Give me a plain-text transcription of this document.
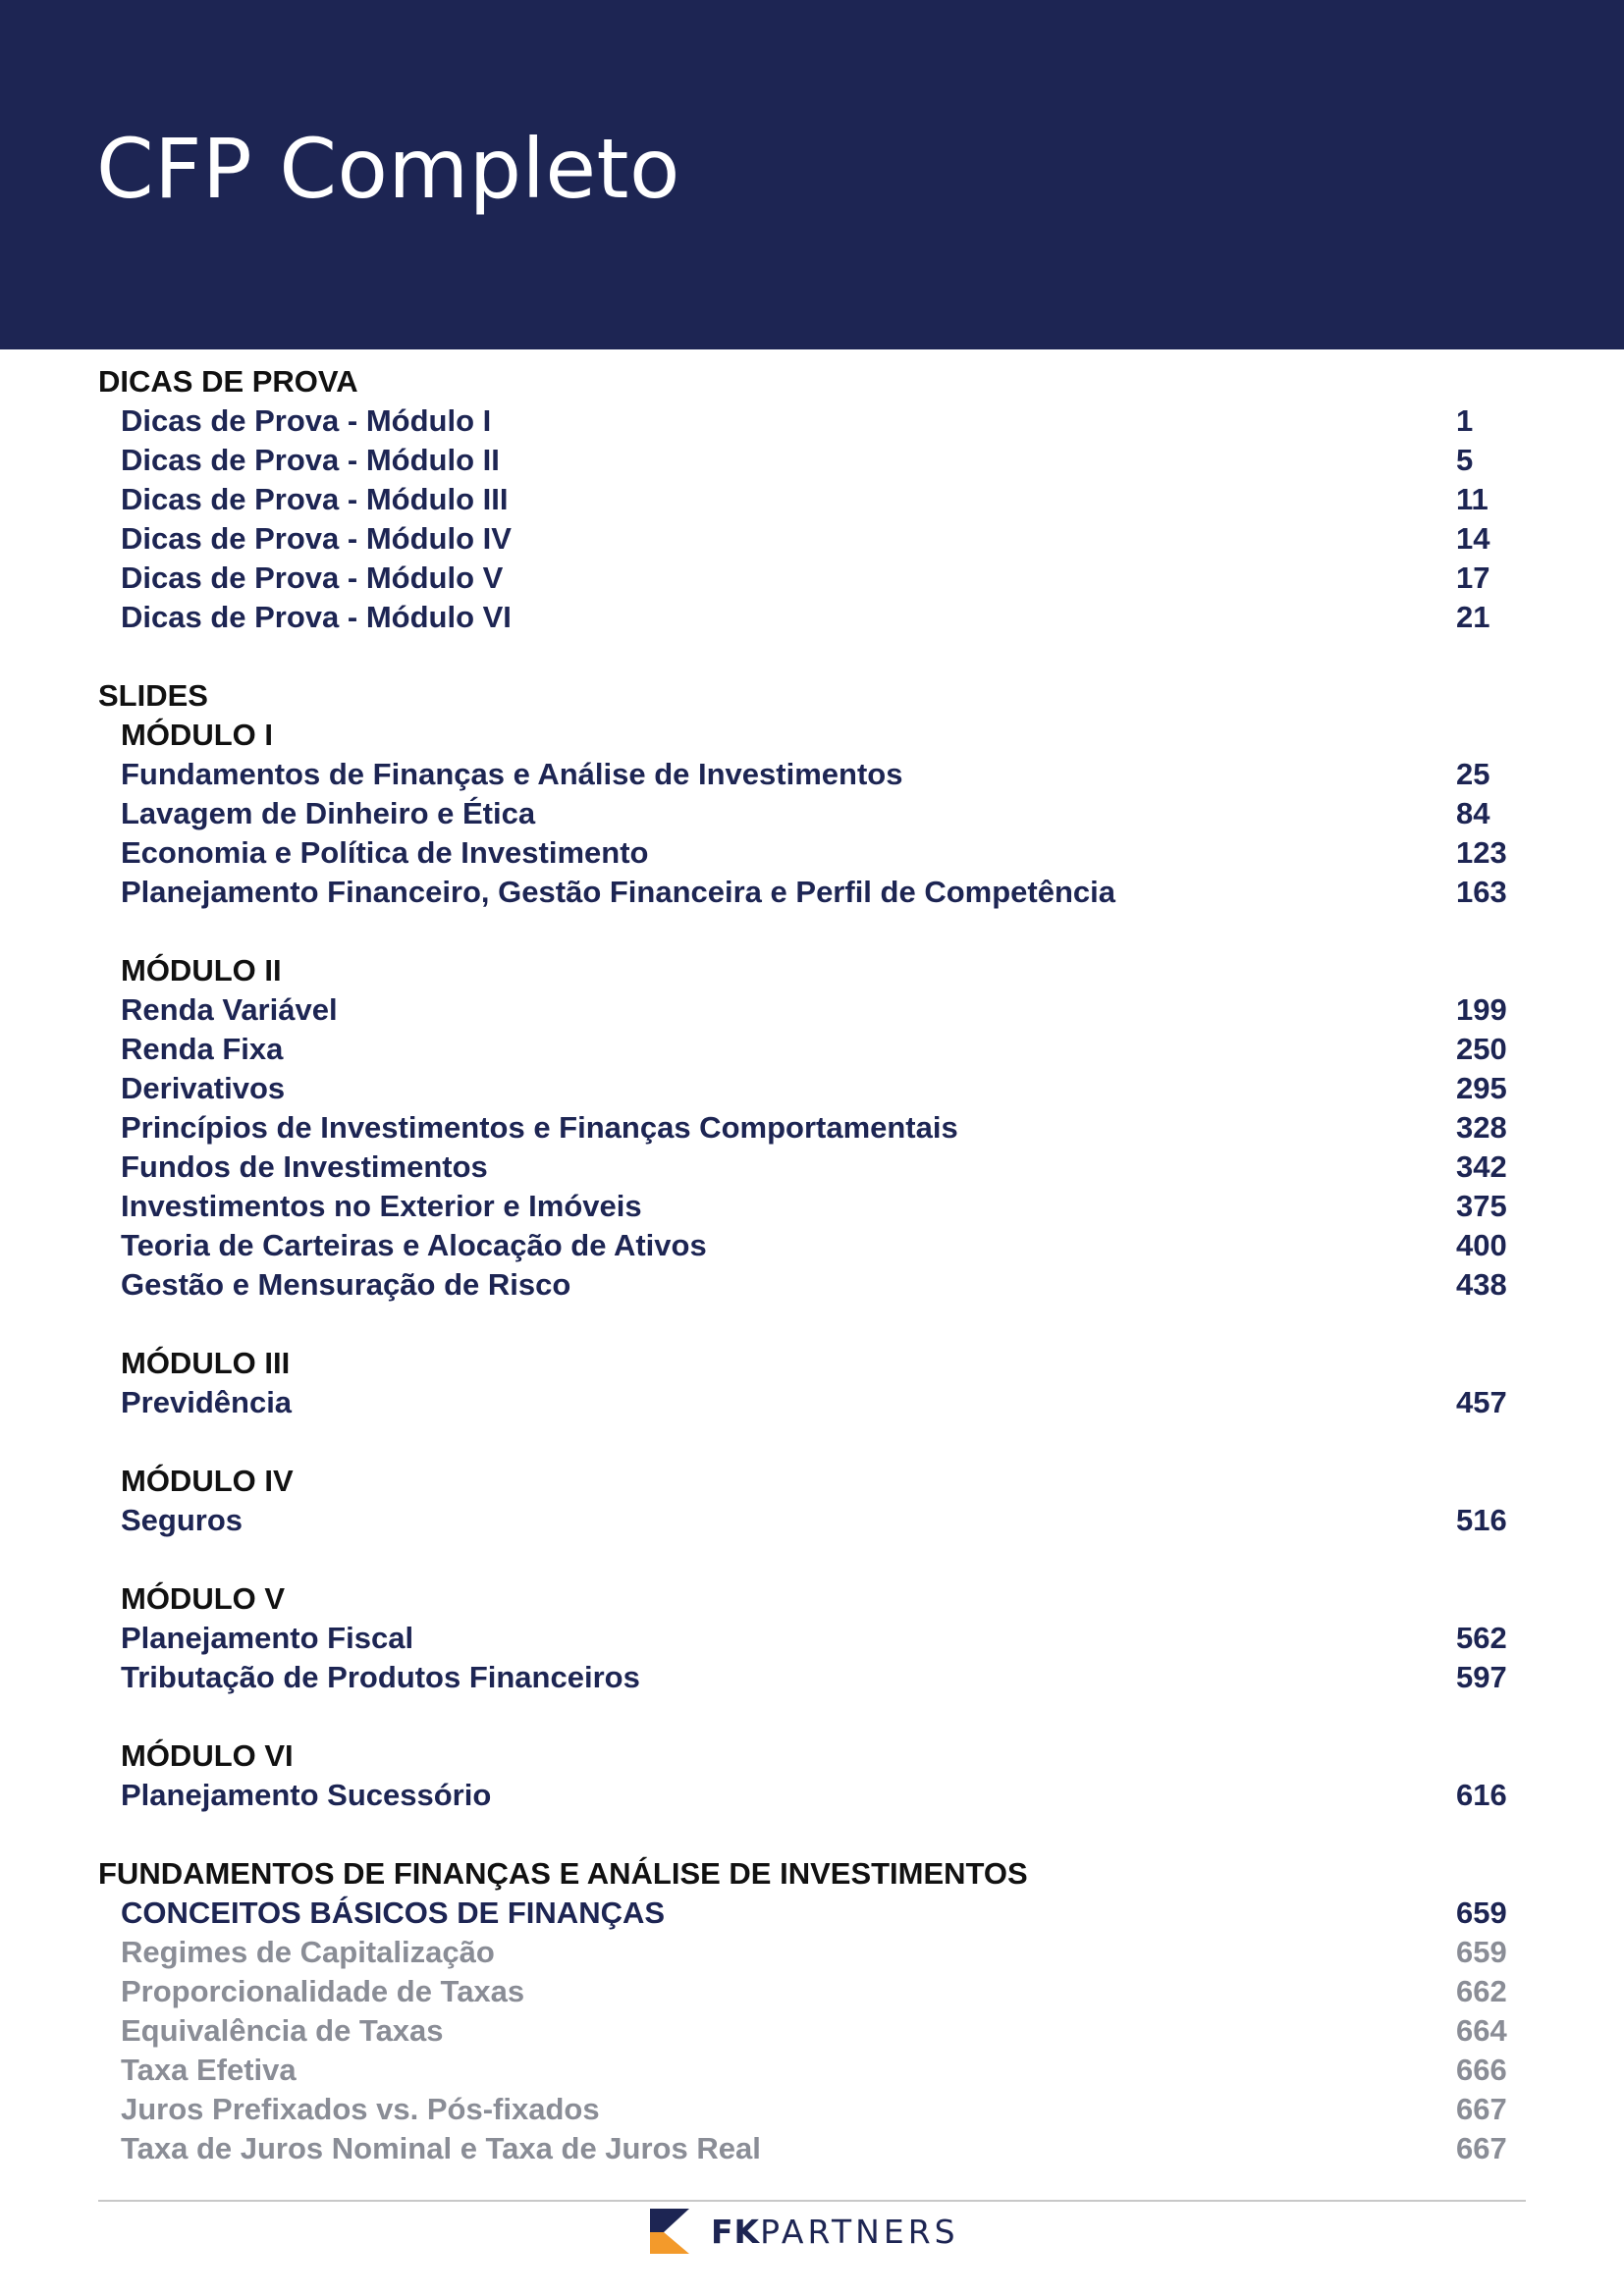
CFP Completo
DICAS DE PROVA
Dicas de Prova - Módulo I	1
Dicas de Prova - Módulo II	5
Dicas de Prova - Módulo III	11
Dicas de Prova - Módulo IV	14
Dicas de Prova - Módulo V	17
Dicas de Prova - Módulo VI	21
SLIDES
MÓDULO I
Fundamentos de Finanças e Análise de Investimentos	25
Lavagem de Dinheiro e Ética	84
Economia e Política de Investimento	123
Planejamento Financeiro, Gestão Financeira e Perfil de Competência	163
MÓDULO II
Renda Variável	199
Renda Fixa	250
Derivativos	295
Princípios de Investimentos e Finanças Comportamentais	328
Fundos de Investimentos	342
Investimentos no Exterior e Imóveis	375
Teoria de Carteiras e Alocação de Ativos	400
Gestão e Mensuração de Risco	438
MÓDULO III
Previdência	457
MÓDULO IV
Seguros	516
MÓDULO V
Planejamento Fiscal	562
Tributação de Produtos Financeiros	597
MÓDULO VI
Planejamento Sucessório	616
FUNDAMENTOS DE FINANÇAS E ANÁLISE DE INVESTIMENTOS
CONCEITOS BÁSICOS DE FINANÇAS	659
Regimes de Capitalização	659
Proporcionalidade de Taxas	662
Equivalência de Taxas	664
Taxa Efetiva	666
Juros Prefixados vs. Pós-fixados	667
Taxa de Juros Nominal e Taxa de Juros Real	667
FK PARTNERS
